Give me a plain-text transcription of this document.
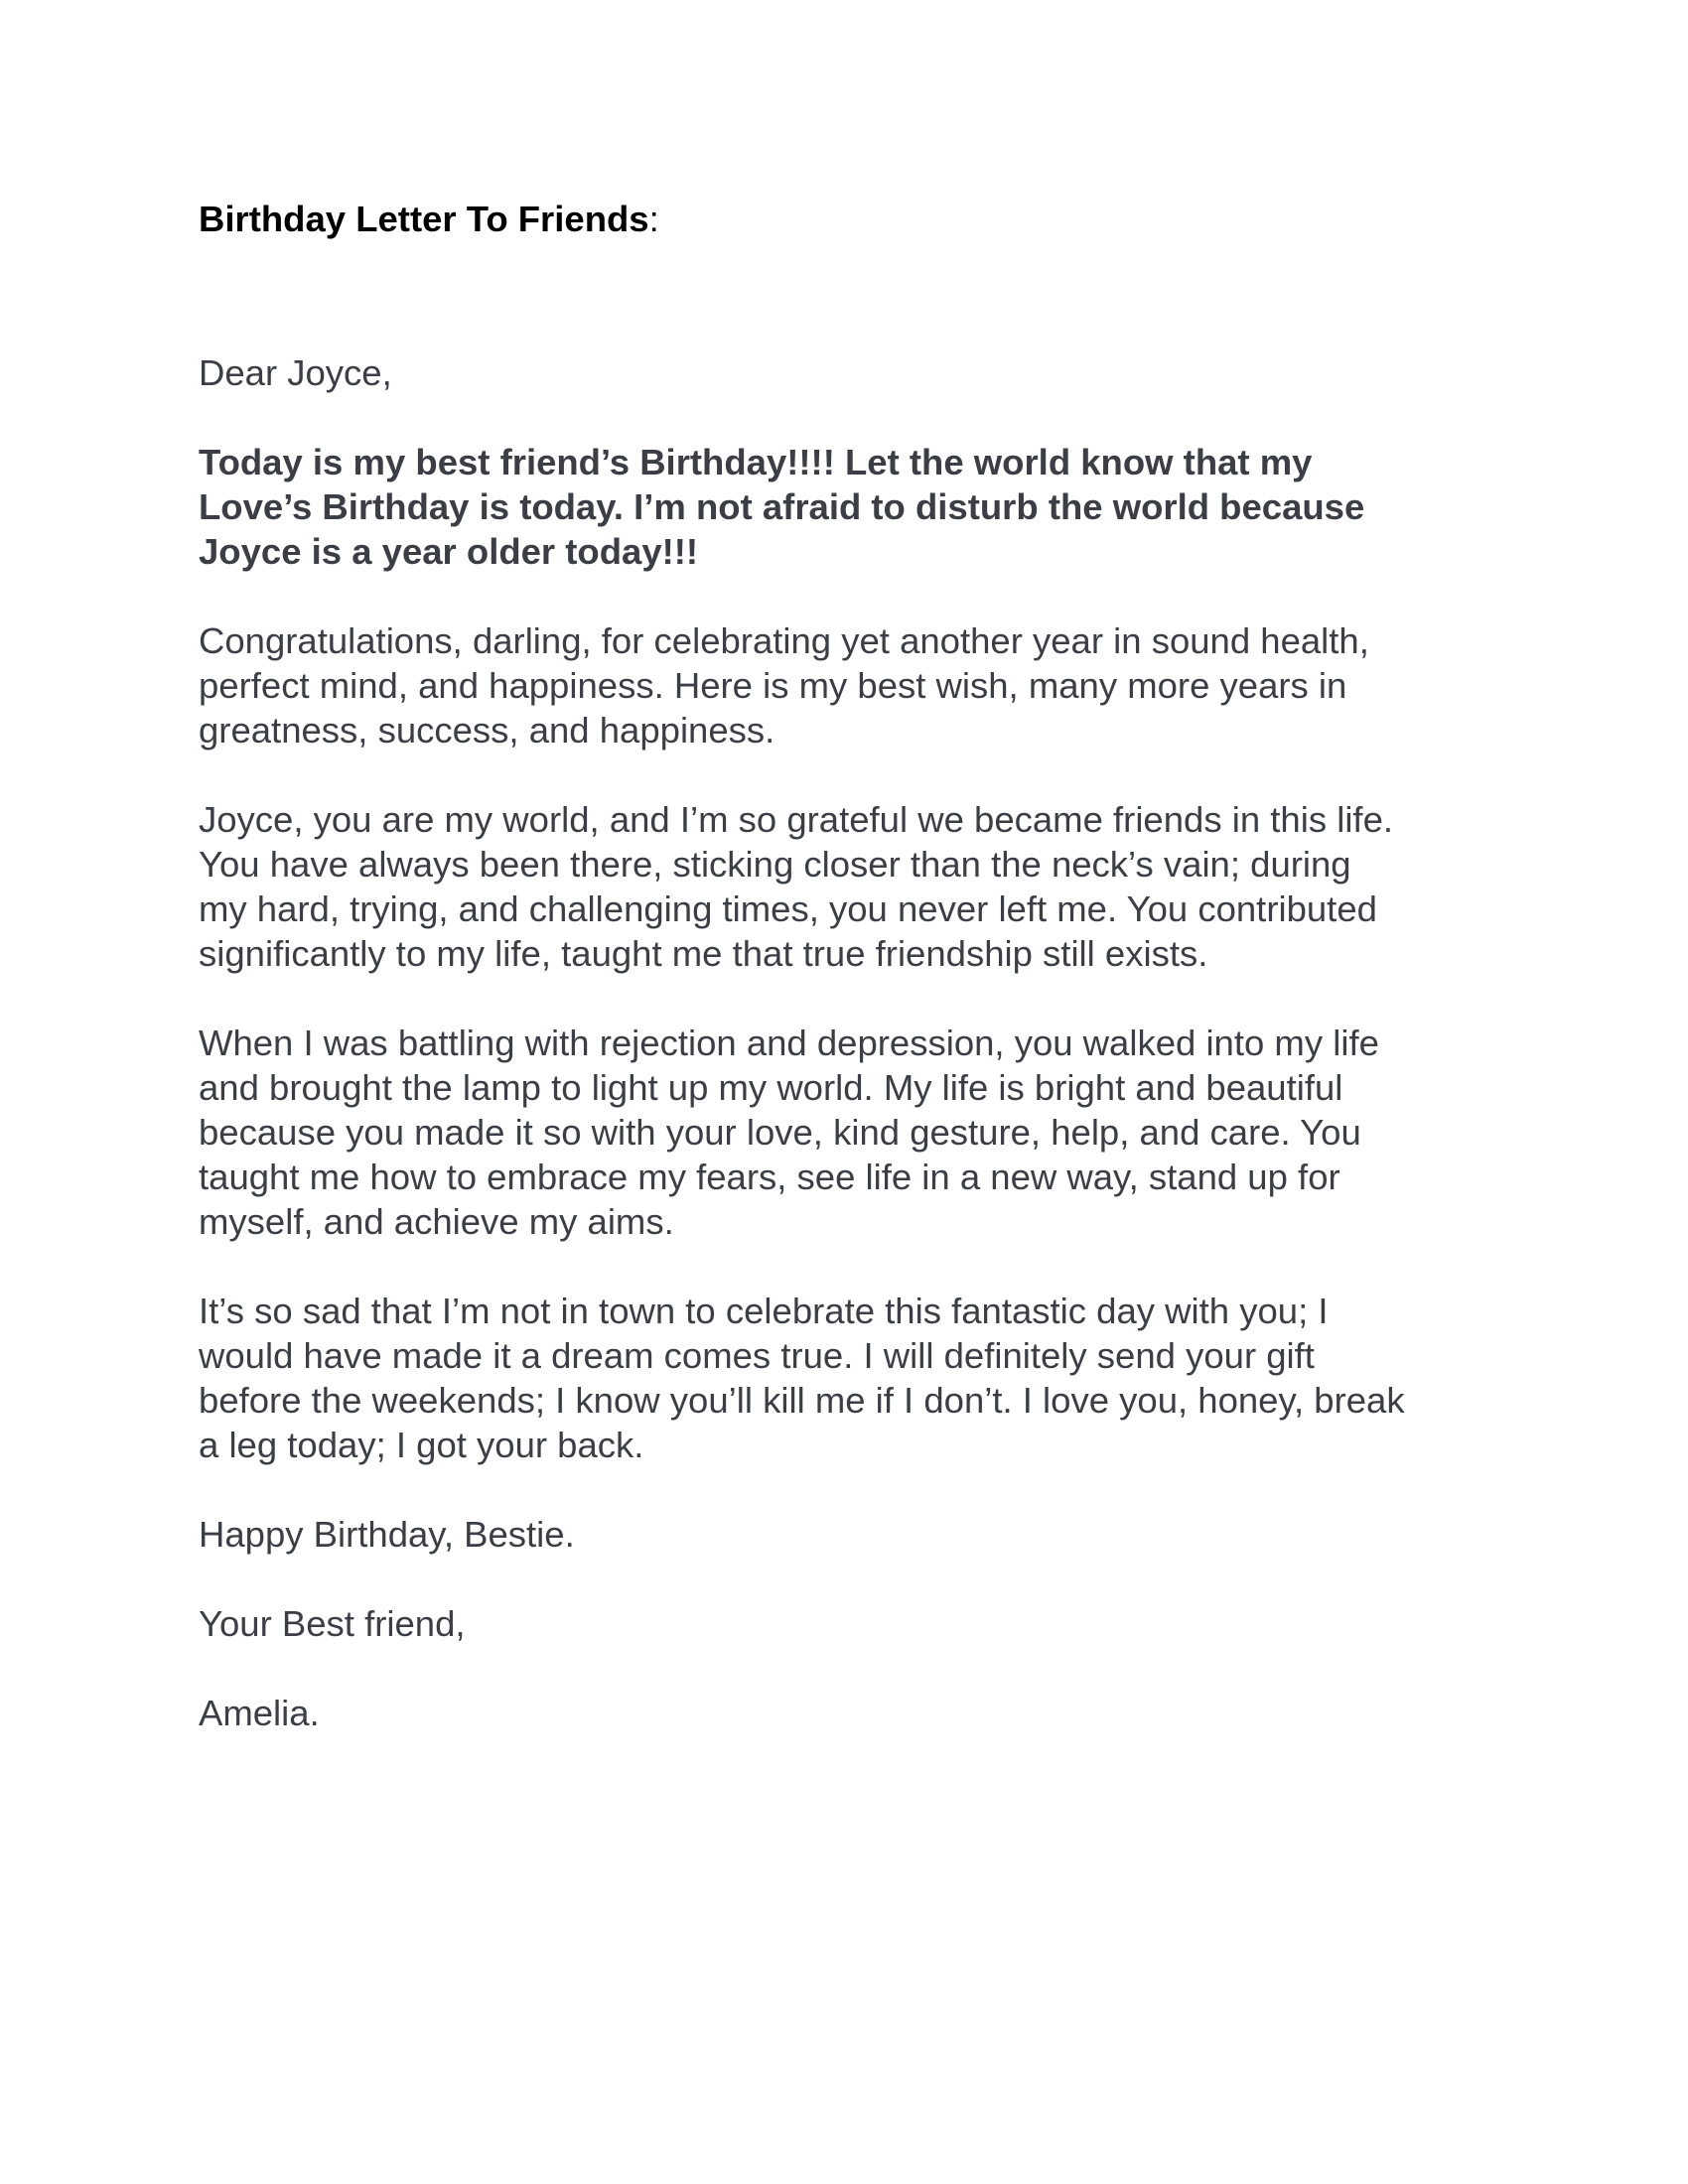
Birthday Letter To Friends:

Dear Joyce,

Today is my best friend’s Birthday!!!! Let the world know that my
Love’s Birthday is today. I’m not afraid to disturb the world because
Joyce is a year older today!!!

Congratulations, darling, for celebrating yet another year in sound health,
perfect mind, and happiness. Here is my best wish, many more years in
greatness, success, and happiness.

Joyce, you are my world, and I’m so grateful we became friends in this life.
You have always been there, sticking closer than the neck’s vain; during
my hard, trying, and challenging times, you never left me. You contributed
significantly to my life, taught me that true friendship still exists.

When I was battling with rejection and depression, you walked into my life
and brought the lamp to light up my world. My life is bright and beautiful
because you made it so with your love, kind gesture, help, and care. You
taught me how to embrace my fears, see life in a new way, stand up for
myself, and achieve my aims.

It’s so sad that I’m not in town to celebrate this fantastic day with you; I
would have made it a dream comes true. I will definitely send your gift
before the weekends; I know you’ll kill me if I don’t. I love you, honey, break
a leg today; I got your back.

Happy Birthday, Bestie.

Your Best friend,

Amelia.
